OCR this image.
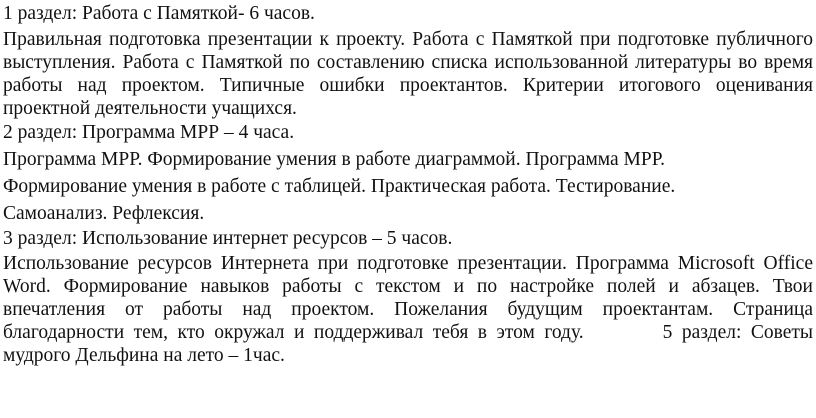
1 раздел: Работа с Памяткой- 6 часов.
Правильная подготовка презентации к проекту. Работа с Памяткой при подготовке публичного выступления. Работа с Памяткой по составлению списка использованной литературы во время работы над проектом. Типичные ошибки проектантов. Критерии итогового оценивания проектной деятельности учащихся.
2 раздел: Программа МРР – 4 часа.
Программа МРР. Формирование умения в работе диаграммой. Программа МРР.
Формирование умения в работе с таблицей. Практическая работа. Тестирование.
Самоанализ. Рефлексия.
3 раздел: Использование интернет ресурсов – 5 часов.
Использование ресурсов Интернета при подготовке презентации. Программа Microsoft Office Word. Формирование навыков работы с текстом и по настройке полей и абзацев. Твои впечатления от работы над проектом. Пожелания будущим проектантам. Страница благодарности тем, кто окружал и поддерживал тебя в этом году.	5 раздел: Советы мудрого Дельфина на лето – 1час.
